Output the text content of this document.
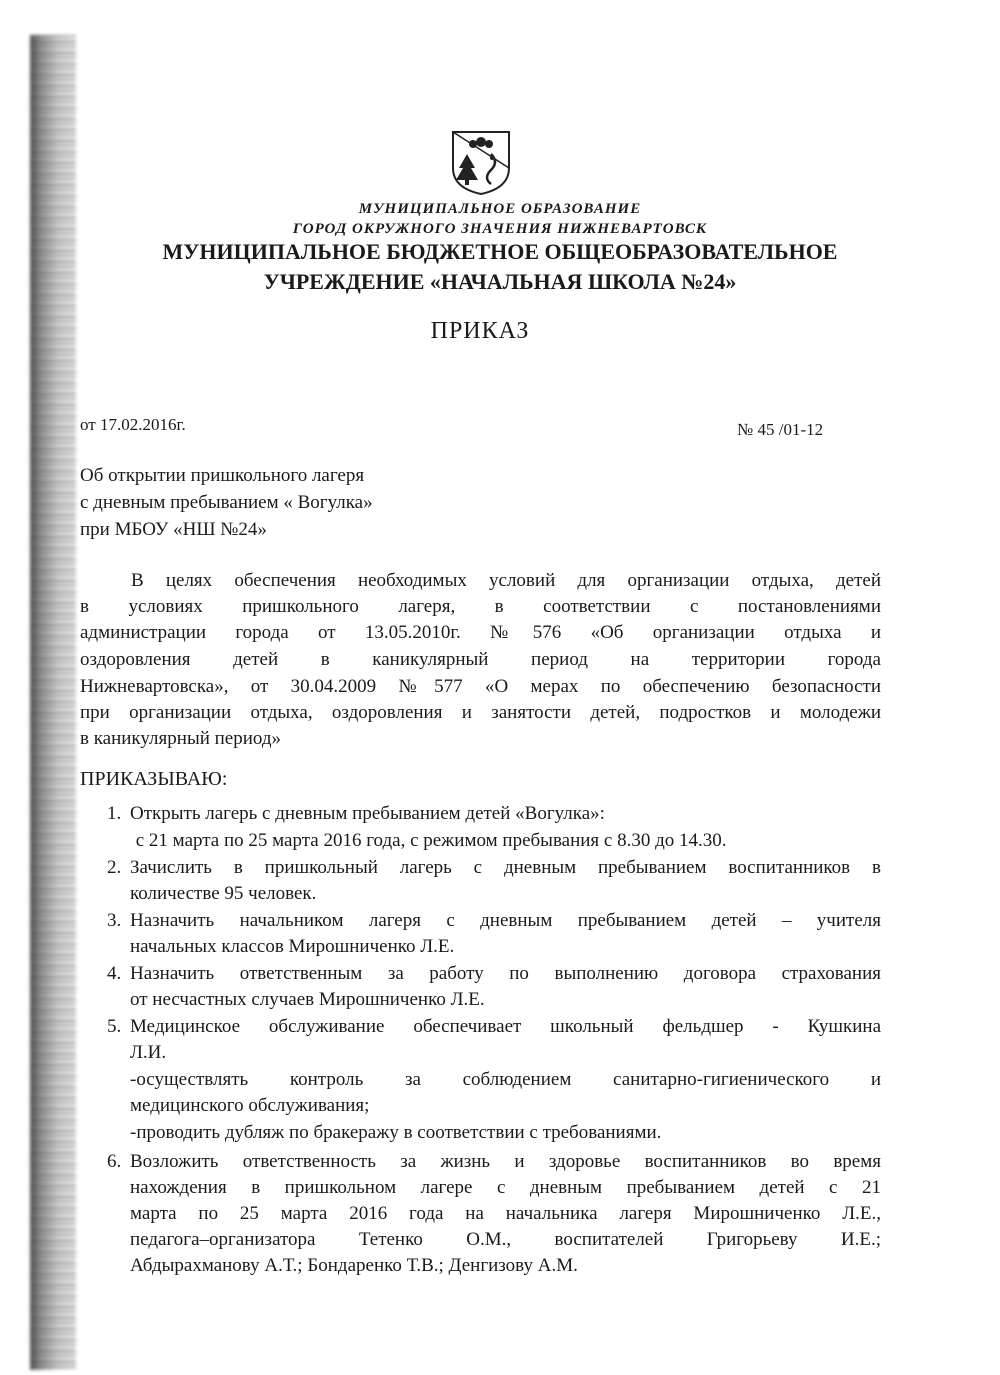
МУНИЦИПАЛЬНОЕ ОБРАЗОВАНИЕ
ГОРОД ОКРУЖНОГО ЗНАЧЕНИЯ НИЖНЕВАРТОВСК
МУНИЦИПАЛЬНОЕ БЮДЖЕТНОЕ ОБЩЕОБРАЗОВАТЕЛЬНОЕ
УЧРЕЖДЕНИЕ «НАЧАЛЬНАЯ ШКОЛА №24»
ПРИКАЗ
от 17.02.2016г.	№ 45 /01-12
Об открытии пришкольного лагеря
с дневным пребыванием « Вогулка»
при МБОУ «НШ №24»
В целях обеспечения необходимых условий для организации отдыха, детей
в условиях пришкольного лагеря, в соответствии с постановлениями
администрации города от 13.05.2010г. №576 «Об организации отдыха и
оздоровления детей в каникулярный период на территории города
Нижневартовска», от 30.04.2009 №577 «О мерах по обеспечению безопасности
при организации отдыха, оздоровления и занятости детей, подростков и молодежи
в каникулярный период»
ПРИКАЗЫВАЮ:
1. Открыть лагерь с дневным пребыванием детей «Вогулка»:
с 21 марта по 25 марта 2016 года, с режимом пребывания с 8.30 до 14.30.
2. Зачислить в пришкольный лагерь с дневным пребыванием воспитанников в
количестве 95 человек.
3. Назначить начальником лагеря с дневным пребыванием детей – учителя
начальных классов Мирошниченко Л.Е.
4. Назначить ответственным за работу по выполнению договора страхования
от несчастных случаев Мирошниченко Л.Е.
5. Медицинское обслуживание обеспечивает школьный фельдшер - Кушкина
Л.И.
-осуществлять контроль за соблюдением санитарно-гигиенического и
медицинского обслуживания;
-проводить дубляж по бракеражу в соответствии с требованиями.
6. Возложить ответственность за жизнь и здоровье воспитанников во время
нахождения в пришкольном лагере с дневным пребыванием детей с 21
марта по 25 марта 2016 года на начальника лагеря Мирошниченко Л.Е.,
педагога–организатора Тетенко О.М., воспитателей Григорьеву И.Е.;
Абдырахманову А.Т.; Бондаренко Т.В.; Денгизову А.М.
